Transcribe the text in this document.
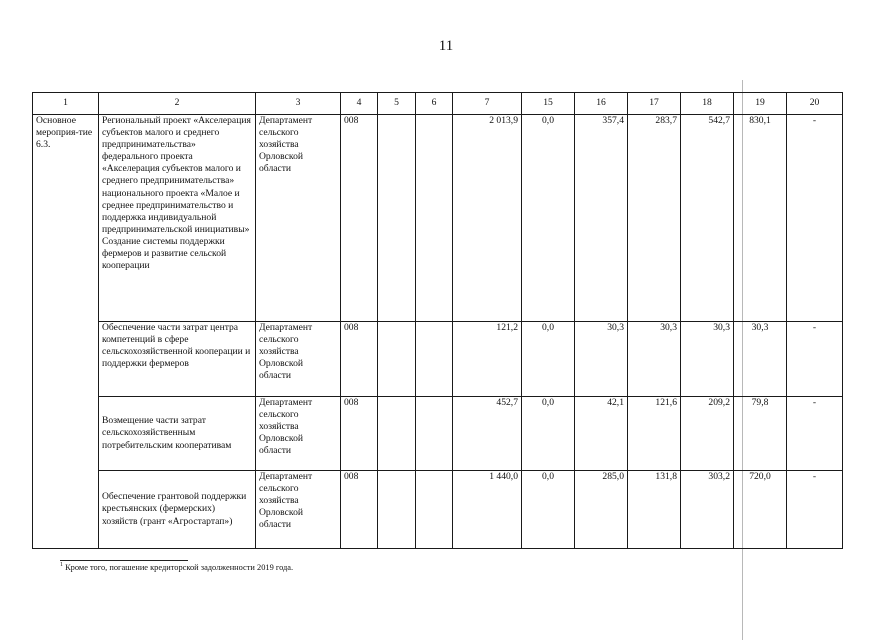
11
1	2	3	4	5	6	7	15	16	17	18	19	20
Основное мероприя-тие 6.3.	Региональный проект «Акселерация субъектов малого и среднего предпринимательства» федерального проекта «Акселерация субъектов малого и среднего предпринимательства» национального проекта «Малое и среднее предпринимательство и поддержка индивидуальной предпринимательской инициативы» Создание системы поддержки фермеров и развитие сельской кооперации	Департамент сельского хозяйства Орловской области	008			2 013,9	0,0	357,4	283,7	542,7	830,1	-
	Обеспечение части затрат центра компетенций в сфере сельскохозяйственной кооперации и поддержки фермеров	Департамент сельского хозяйства Орловской области	008			121,2	0,0	30,3	30,3	30,3	30,3	-
	Возмещение части затрат сельскохозяйственным потребительским кооперативам	Департамент сельского хозяйства Орловской области	008			452,7	0,0	42,1	121,6	209,2	79,8	-
	Обеспечение грантовой поддержки крестьянских (фермерских) хозяйств (грант «Агростартап»)	Департамент сельского хозяйства Орловской области	008			1 440,0	0,0	285,0	131,8	303,2	720,0	-
$^1$ Кроме того, погашение кредиторской задолженности 2019 года.
